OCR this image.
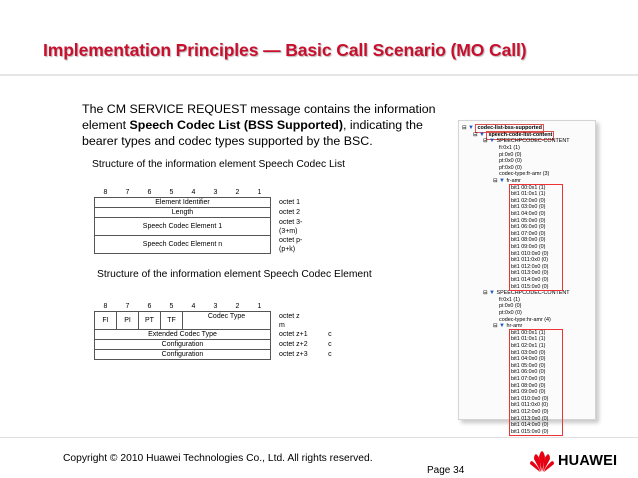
Implementation Principles — Basic Call Scenario (MO Call)
The CM SERVICE REQUEST message contains the information element Speech Codec List (BSS Supported), indicating the bearer types and codec types supported by the BSC.
Structure of the information element Speech Codec List
8	7	6	5	4	3	2	1	
Element Identifier								octet 1
Length								octet 2
Speech Codec Element 1								octet 3-
								(3+m)
Speech Codec Element n								octet p-
								(p+k)
Structure of the information element Speech Codec Element
8	7	6	5	4	3	2	1		
FI	PI	PT	TF	Codec Type				octet z	
								m	
Extended Codec Type								octet z+1	c
Configuration								octet z+2	c
Configuration								octet z+3	c
⊟ ▼ codec-list-bss-supported
⊟ ▼ speech-code-list-content
⊟ ▼ SPEECHPCODEC-CONTENT
fi:0x1 (1)
pi:0x0 (0)
pt:0x0 (0)
pf:0x0 (0)
codec-type:fr-amr (3)
⊟ ▼ fr-amr
bit1 00:0x1 (1)
bit1 01:0x1 (1)
bit1 02:0x0 (0)
bit1 03:0x0 (0)
bit1 04:0x0 (0)
bit1 05:0x0 (0)
bit1 06:0x0 (0)
bit1 07:0x0 (0)
bit1 08:0x0 (0)
bit1 09:0x0 (0)
bit1 010:0x0 (0)
bit1 011:0x0 (0)
bit1 012:0x0 (0)
bit1 013:0x0 (0)
bit1 014:0x0 (0)
bit1 015:0x0 (0)
⊟ ▼ SPEECHPCODEC-CONTENT
fi:0x1 (1)
pi:0x0 (0)
pt:0x0 (0)
codec-type:hr-amr (4)
⊟ ▼ hr-amr
bit1 00:0x1 (1)
bit1 01:0x1 (1)
bit1 02:0x1 (1)
bit1 03:0x0 (0)
bit1 04:0x0 (0)
bit1 05:0x0 (0)
bit1 06:0x0 (0)
bit1 07:0x0 (0)
bit1 08:0x0 (0)
bit1 09:0x0 (0)
bit1 010:0x0 (0)
bit1 011:0x0 (0)
bit1 012:0x0 (0)
bit1 013:0x0 (0)
bit1 014:0x0 (0)
bit1 015:0x0 (0)
Copyright © 2010 Huawei Technologies Co., Ltd. All rights reserved.
Page 34
HUAWEI
